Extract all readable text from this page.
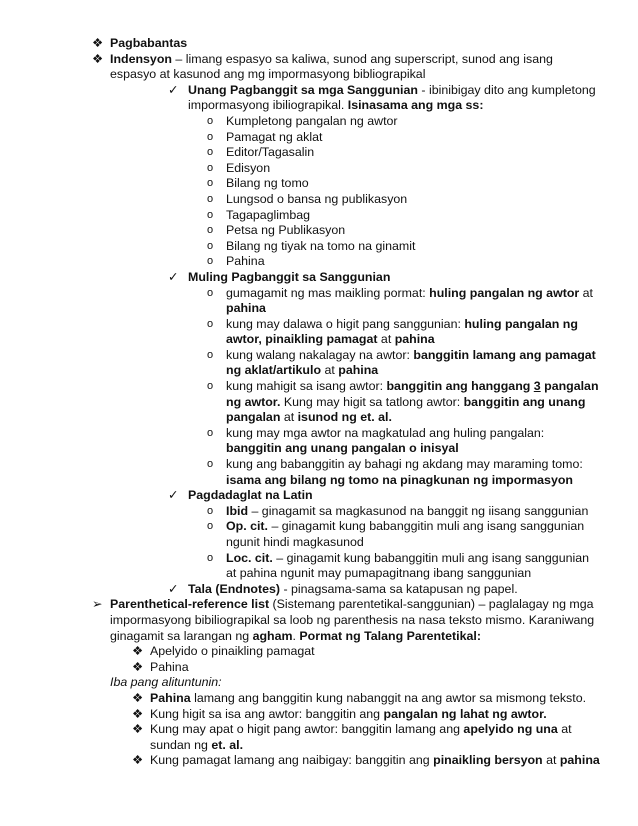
❖ Pagbabantas
❖ Indensyon – limang espasyo sa kaliwa, sunod ang superscript, sunod ang isang espasyo at kasunod ang mg impormasyong bibliograpikal
✓ Unang Pagbanggit sa mga Sanggunian - ibinibigay dito ang kumpletong impormasyong ibiliograpikal. Isinasama ang mga ss:
o	Kumpletong pangalan ng awtor
o	Pamagat ng aklat
o	Editor/Tagasalin
o	Edisyon
o	Bilang ng tomo
o	Lungsod o bansa ng publikasyon
o	Tagapaglimbag
o	Petsa ng Publikasyon
o	Bilang ng tiyak na tomo na ginamit
o	Pahina
✓ Muling Pagbanggit sa Sanggunian
o	gumagamit ng mas maikling pormat: huling pangalan ng awtor at pahina
o	kung may dalawa o higit pang sanggunian: huling pangalan ng awtor, pinaikling pamagat at pahina
o	kung walang nakalagay na awtor: banggitin lamang ang pamagat ng aklat/artikulo at pahina
o	kung mahigit sa isang awtor: banggitin ang hanggang 3 pangalan ng awtor. Kung may higit sa tatlong awtor: banggitin ang unang pangalan at isunod ng et. al.
o	kung may mga awtor na magkatulad ang huling pangalan: banggitin ang unang pangalan o inisyal
o	kung ang babanggitin ay bahagi ng akdang may maraming tomo: isama ang bilang ng tomo na pinagkunan ng impormasyon
✓ Pagdadaglat na Latin
o	Ibid – ginagamit sa magkasunod na banggit ng iisang sanggunian
o	Op. cit. – ginagamit kung babanggitin muli ang isang sanggunian ngunit hindi magkasunod
o	Loc. cit. – ginagamit kung babanggitin muli ang isang sanggunian at pahina ngunit may pumapagitnang ibang sanggunian
✓ Tala (Endnotes) - pinagsama-sama sa katapusan ng papel.
➢ Parenthetical-reference list (Sistemang parentetikal-sanggunian) – paglalagay ng mga impormasyong bibiliograpikal sa loob ng parenthesis na nasa teksto mismo. Karaniwang ginagamit sa larangan ng agham. Pormat ng Talang Parentetikal:
❖ Apelyido o pinaikling pamagat
❖ Pahina
Iba pang alituntunin:
❖ Pahina lamang ang banggitin kung nabanggit na ang awtor sa mismong teksto.
❖ Kung higit sa isa ang awtor: banggitin ang pangalan ng lahat ng awtor.
❖ Kung may apat o higit pang awtor: banggitin lamang ang apelyido ng una at sundan ng et. al.
❖ Kung pamagat lamang ang naibigay: banggitin ang pinaikling bersyon at pahina
